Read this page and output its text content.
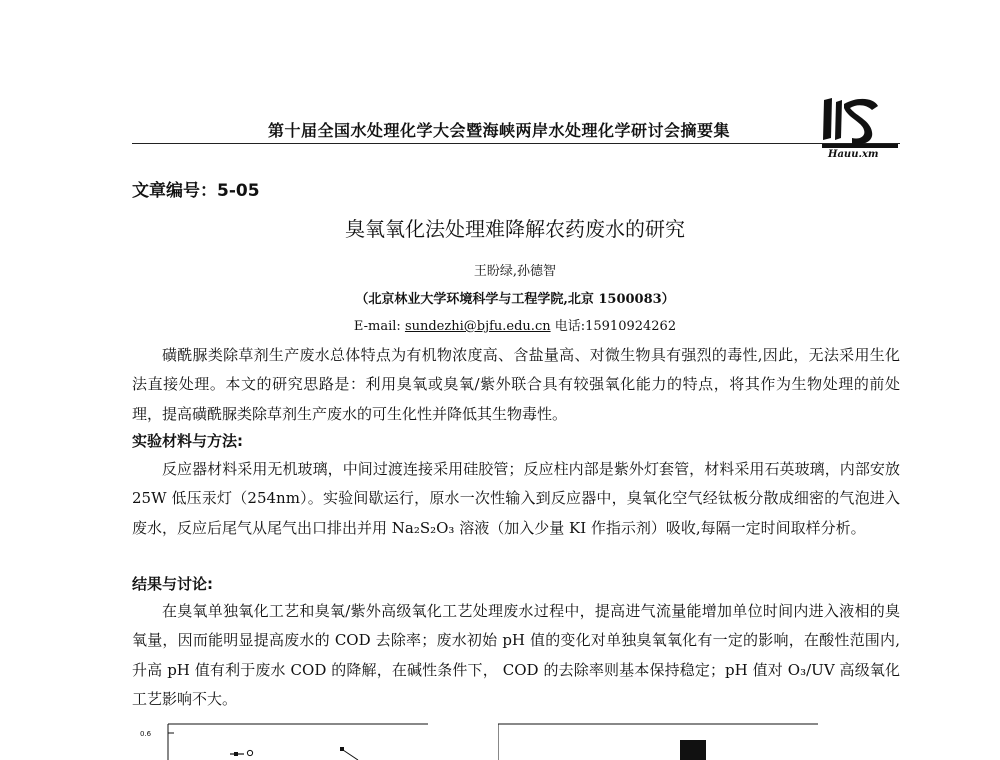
第十届全国水处理化学大会暨海峡两岸水处理化学研讨会摘要集
Hauu.xm
文章编号：5-05
臭氧氧化法处理难降解农药废水的研究
王盼绿,孙德智
（北京林业大学环境科学与工程学院,北京 1500083）
E-mail: sundezhi@bjfu.edu.cn 电话:15910924262
磺酰脲类除草剂生产废水总体特点为有机物浓度高、含盐量高、对微生物具有强烈的毒性,因此，无法采用生化法直接处理。本文的研究思路是：利用臭氧或臭氧/紫外联合具有较强氧化能力的特点，将其作为生物处理的前处理，提高磺酰脲类除草剂生产废水的可生化性并降低其生物毒性。
实验材料与方法:
反应器材料采用无机玻璃，中间过渡连接采用硅胶管；反应柱内部是紫外灯套管，材料采用石英玻璃，内部安放 25W 低压汞灯（254nm）。实验间歇运行，原水一次性输入到反应器中，臭氧化空气经钛板分散成细密的气泡进入废水，反应后尾气从尾气出口排出并用 Na₂S₂O₃ 溶液（加入少量 KI 作指示剂）吸收,每隔一定时间取样分析。
结果与讨论:
在臭氧单独氧化工艺和臭氧/紫外高级氧化工艺处理废水过程中，提高进气流量能增加单位时间内进入液相的臭氧量，因而能明显提高废水的 COD 去除率；废水初始 pH 值的变化对单独臭氧氧化有一定的影响，在酸性范围内,升高 pH 值有利于废水 COD 的降解，在碱性条件下， COD 的去除率则基本保持稳定；pH 值对 O₃/UV 高级氧化工艺影响不大。
0.6
